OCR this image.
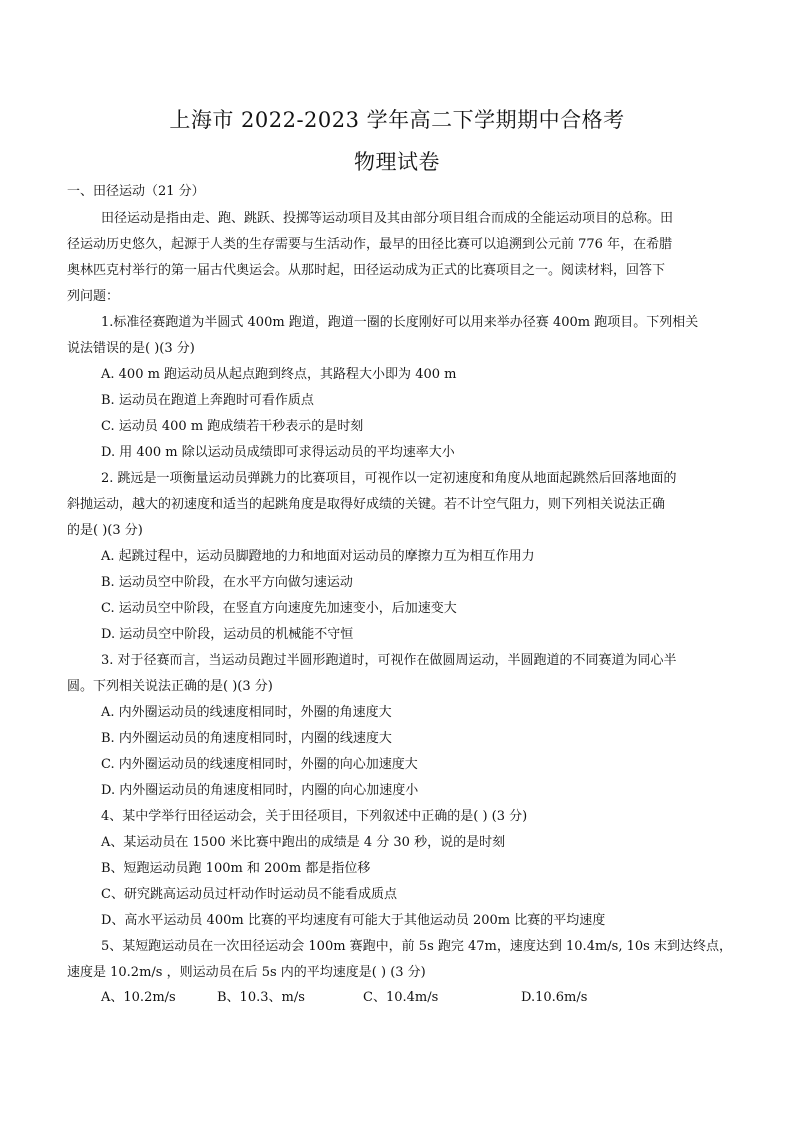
上海市 2022-2023 学年高二下学期期中合格考
物理试卷
一、田径运动（21 分）
田径运动是指由走、跑、跳跃、投掷等运动项目及其由部分项目组合而成的全能运动项目的总称。田
径运动历史悠久，起源于人类的生存需要与生活动作，最早的田径比赛可以追溯到公元前 776 年，在希腊
奥林匹克村举行的第一届古代奥运会。从那时起，田径运动成为正式的比赛项目之一。阅读材料，回答下
列问题：
1.标准径赛跑道为半圆式 400m 跑道，跑道一圈的长度刚好可以用来举办径赛 400m 跑项目。下列相关
说法错误的是( )(3 分)
A. 400 m 跑运动员从起点跑到终点，其路程大小即为 400 m
B. 运动员在跑道上奔跑时可看作质点
C. 运动员 400 m 跑成绩若干秒表示的是时刻
D. 用 400 m 除以运动员成绩即可求得运动员的平均速率大小
2. 跳远是一项衡量运动员弹跳力的比赛项目，可视作以一定初速度和角度从地面起跳然后回落地面的
斜抛运动，越大的初速度和适当的起跳角度是取得好成绩的关键。若不计空气阻力，则下列相关说法正确
的是( )(3 分)
A. 起跳过程中，运动员脚蹬地的力和地面对运动员的摩擦力互为相互作用力
B. 运动员空中阶段，在水平方向做匀速运动
C. 运动员空中阶段，在竖直方向速度先加速变小，后加速变大
D. 运动员空中阶段，运动员的机械能不守恒
3. 对于径赛而言，当运动员跑过半圆形跑道时，可视作在做圆周运动，半圆跑道的不同赛道为同心半
圆。下列相关说法正确的是( )(3 分)
A. 内外圈运动员的线速度相同时，外圈的角速度大
B. 内外圈运动员的角速度相同时，内圈的线速度大
C. 内外圈运动员的线速度相同时，外圈的向心加速度大
D. 内外圈运动员的角速度相同时，内圈的向心加速度小
4、某中学举行田径运动会，关于田径项目，下列叙述中正确的是( ) (3 分)
A、某运动员在 1500 米比赛中跑出的成绩是 4 分 30 秒，说的是时刻
B、短跑运动员跑 100m 和 200m 都是指位移
C、研究跳高运动员过杆动作时运动员不能看成质点
D、高水平运动员 400m 比赛的平均速度有可能大于其他运动员 200m 比赛的平均速度
5、某短跑运动员在一次田径运动会 100m 赛跑中，前 5s 跑完 47m，速度达到 10.4m/s, 10s 末到达终点，
速度是 10.2m/s ，则运动员在后 5s 内的平均速度是( ) (3 分)
A、10.2m/s	B、10.3、m/s	C、10.4m/s	D.10.6m/s
